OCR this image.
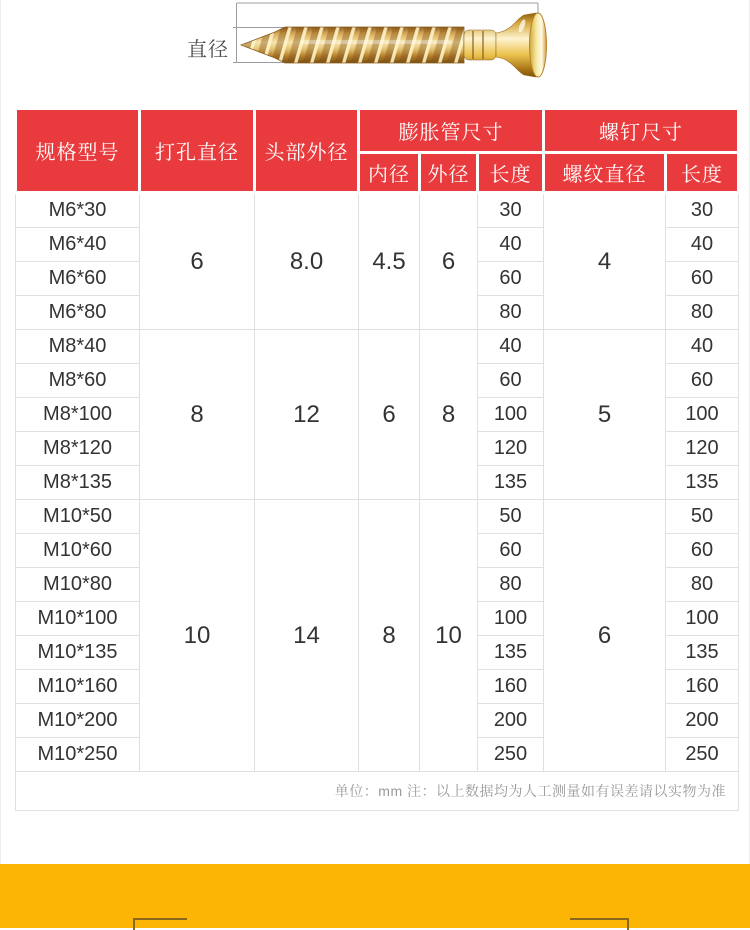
直径
规格型号	打孔直径	头部外径	膨胀管尺寸			螺钉尺寸	
			内径	外径	长度	螺纹直径	长度
M6*30	6	8.0	4.5	6	30	4	30
M6*40					40		40
M6*60					60		60
M6*80					80		80
M8*40	8	12	6	8	40	5	40
M8*60					60		60
M8*100					100		100
M8*120					120		120
M8*135					135		135
M10*50	10	14	8	10	50	6	50
M10*60					60		60
M10*80					80		80
M10*100					100		100
M10*135					135		135
M10*160					160		160
M10*200					200		200
M10*250					250		250
单位：mm 注：以上数据均为人工测量如有误差请以实物为准							
